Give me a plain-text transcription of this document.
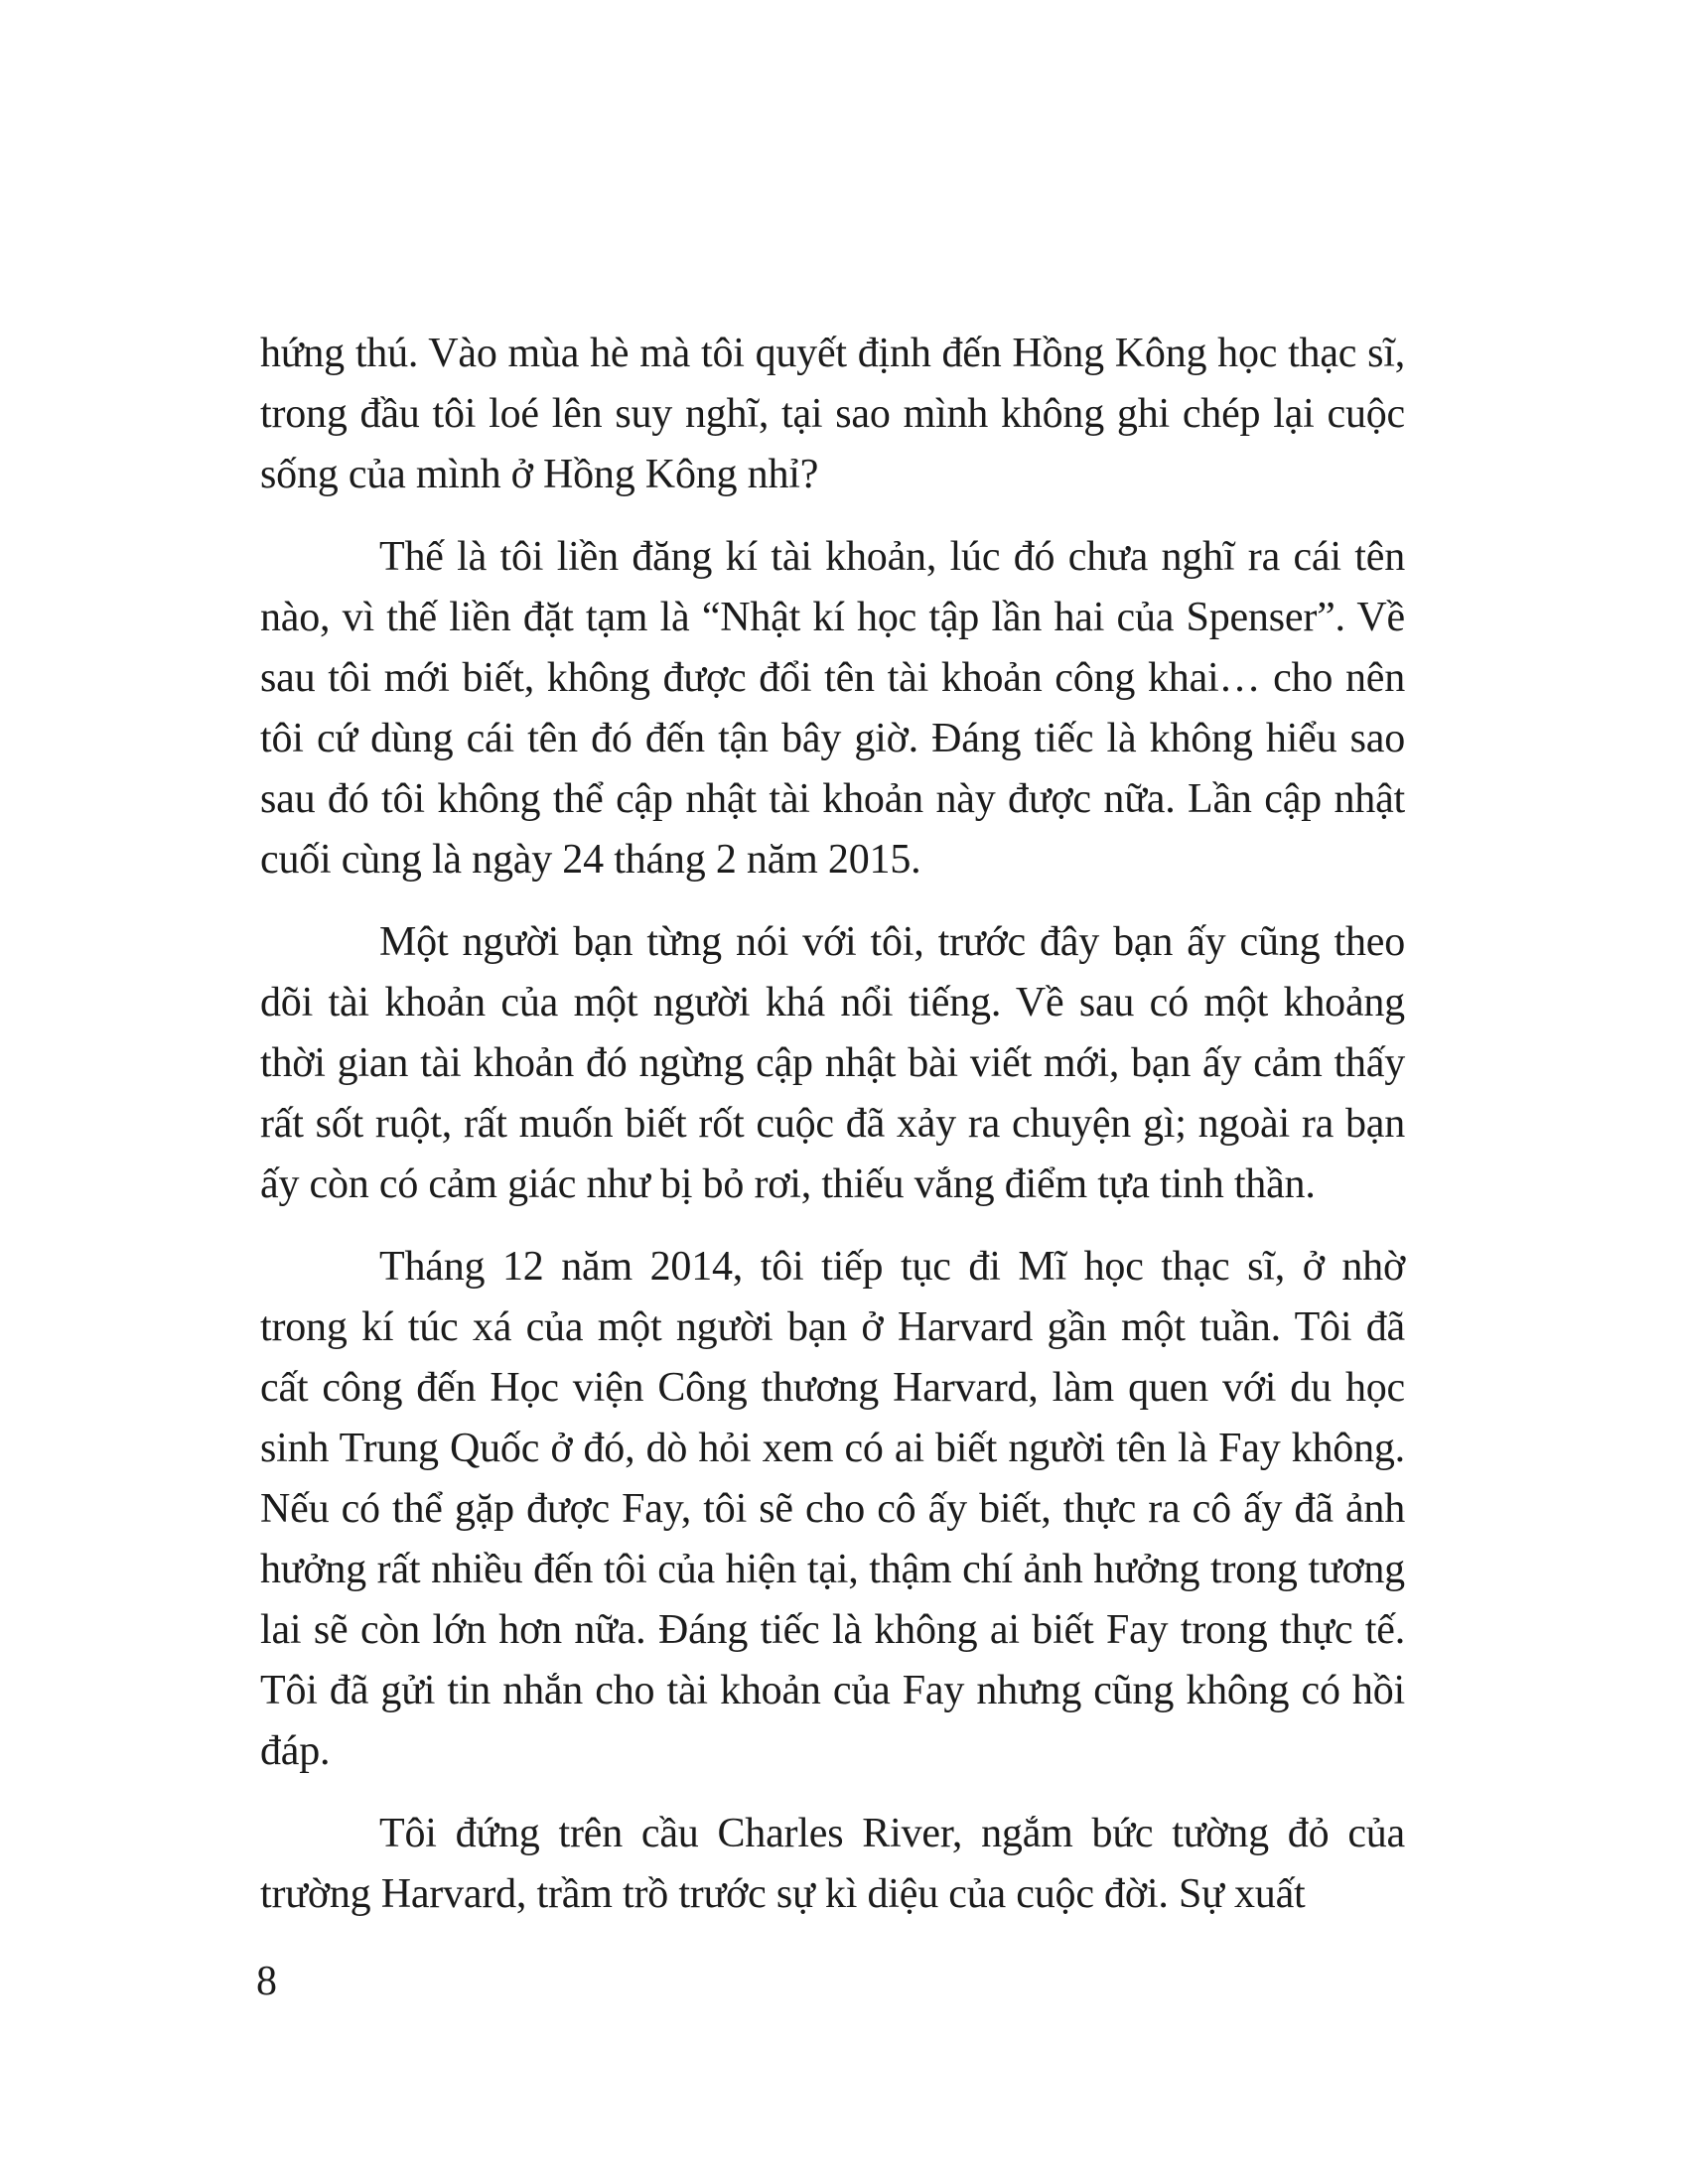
hứng thú. Vào mùa hè mà tôi quyết định đến Hồng Kông học thạc sĩ, trong đầu tôi loé lên suy nghĩ, tại sao mình không ghi chép lại cuộc sống của mình ở Hồng Kông nhỉ?

Thế là tôi liền đăng kí tài khoản, lúc đó chưa nghĩ ra cái tên nào, vì thế liền đặt tạm là “Nhật kí học tập lần hai của Spenser”. Về sau tôi mới biết, không được đổi tên tài khoản công khai… cho nên tôi cứ dùng cái tên đó đến tận bây giờ. Đáng tiếc là không hiểu sao sau đó tôi không thể cập nhật tài khoản này được nữa. Lần cập nhật cuối cùng là ngày 24 tháng 2 năm 2015.

Một người bạn từng nói với tôi, trước đây bạn ấy cũng theo dõi tài khoản của một người khá nổi tiếng. Về sau có một khoảng thời gian tài khoản đó ngừng cập nhật bài viết mới, bạn ấy cảm thấy rất sốt ruột, rất muốn biết rốt cuộc đã xảy ra chuyện gì; ngoài ra bạn ấy còn có cảm giác như bị bỏ rơi, thiếu vắng điểm tựa tinh thần.

Tháng 12 năm 2014, tôi tiếp tục đi Mĩ học thạc sĩ, ở nhờ trong kí túc xá của một người bạn ở Harvard gần một tuần. Tôi đã cất công đến Học viện Công thương Harvard, làm quen với du học sinh Trung Quốc ở đó, dò hỏi xem có ai biết người tên là Fay không. Nếu có thể gặp được Fay, tôi sẽ cho cô ấy biết, thực ra cô ấy đã ảnh hưởng rất nhiều đến tôi của hiện tại, thậm chí ảnh hưởng trong tương lai sẽ còn lớn hơn nữa. Đáng tiếc là không ai biết Fay trong thực tế. Tôi đã gửi tin nhắn cho tài khoản của Fay nhưng cũng không có hồi đáp.

Tôi đứng trên cầu Charles River, ngắm bức tường đỏ của trường Harvard, trầm trồ trước sự kì diệu của cuộc đời. Sự xuất

8
